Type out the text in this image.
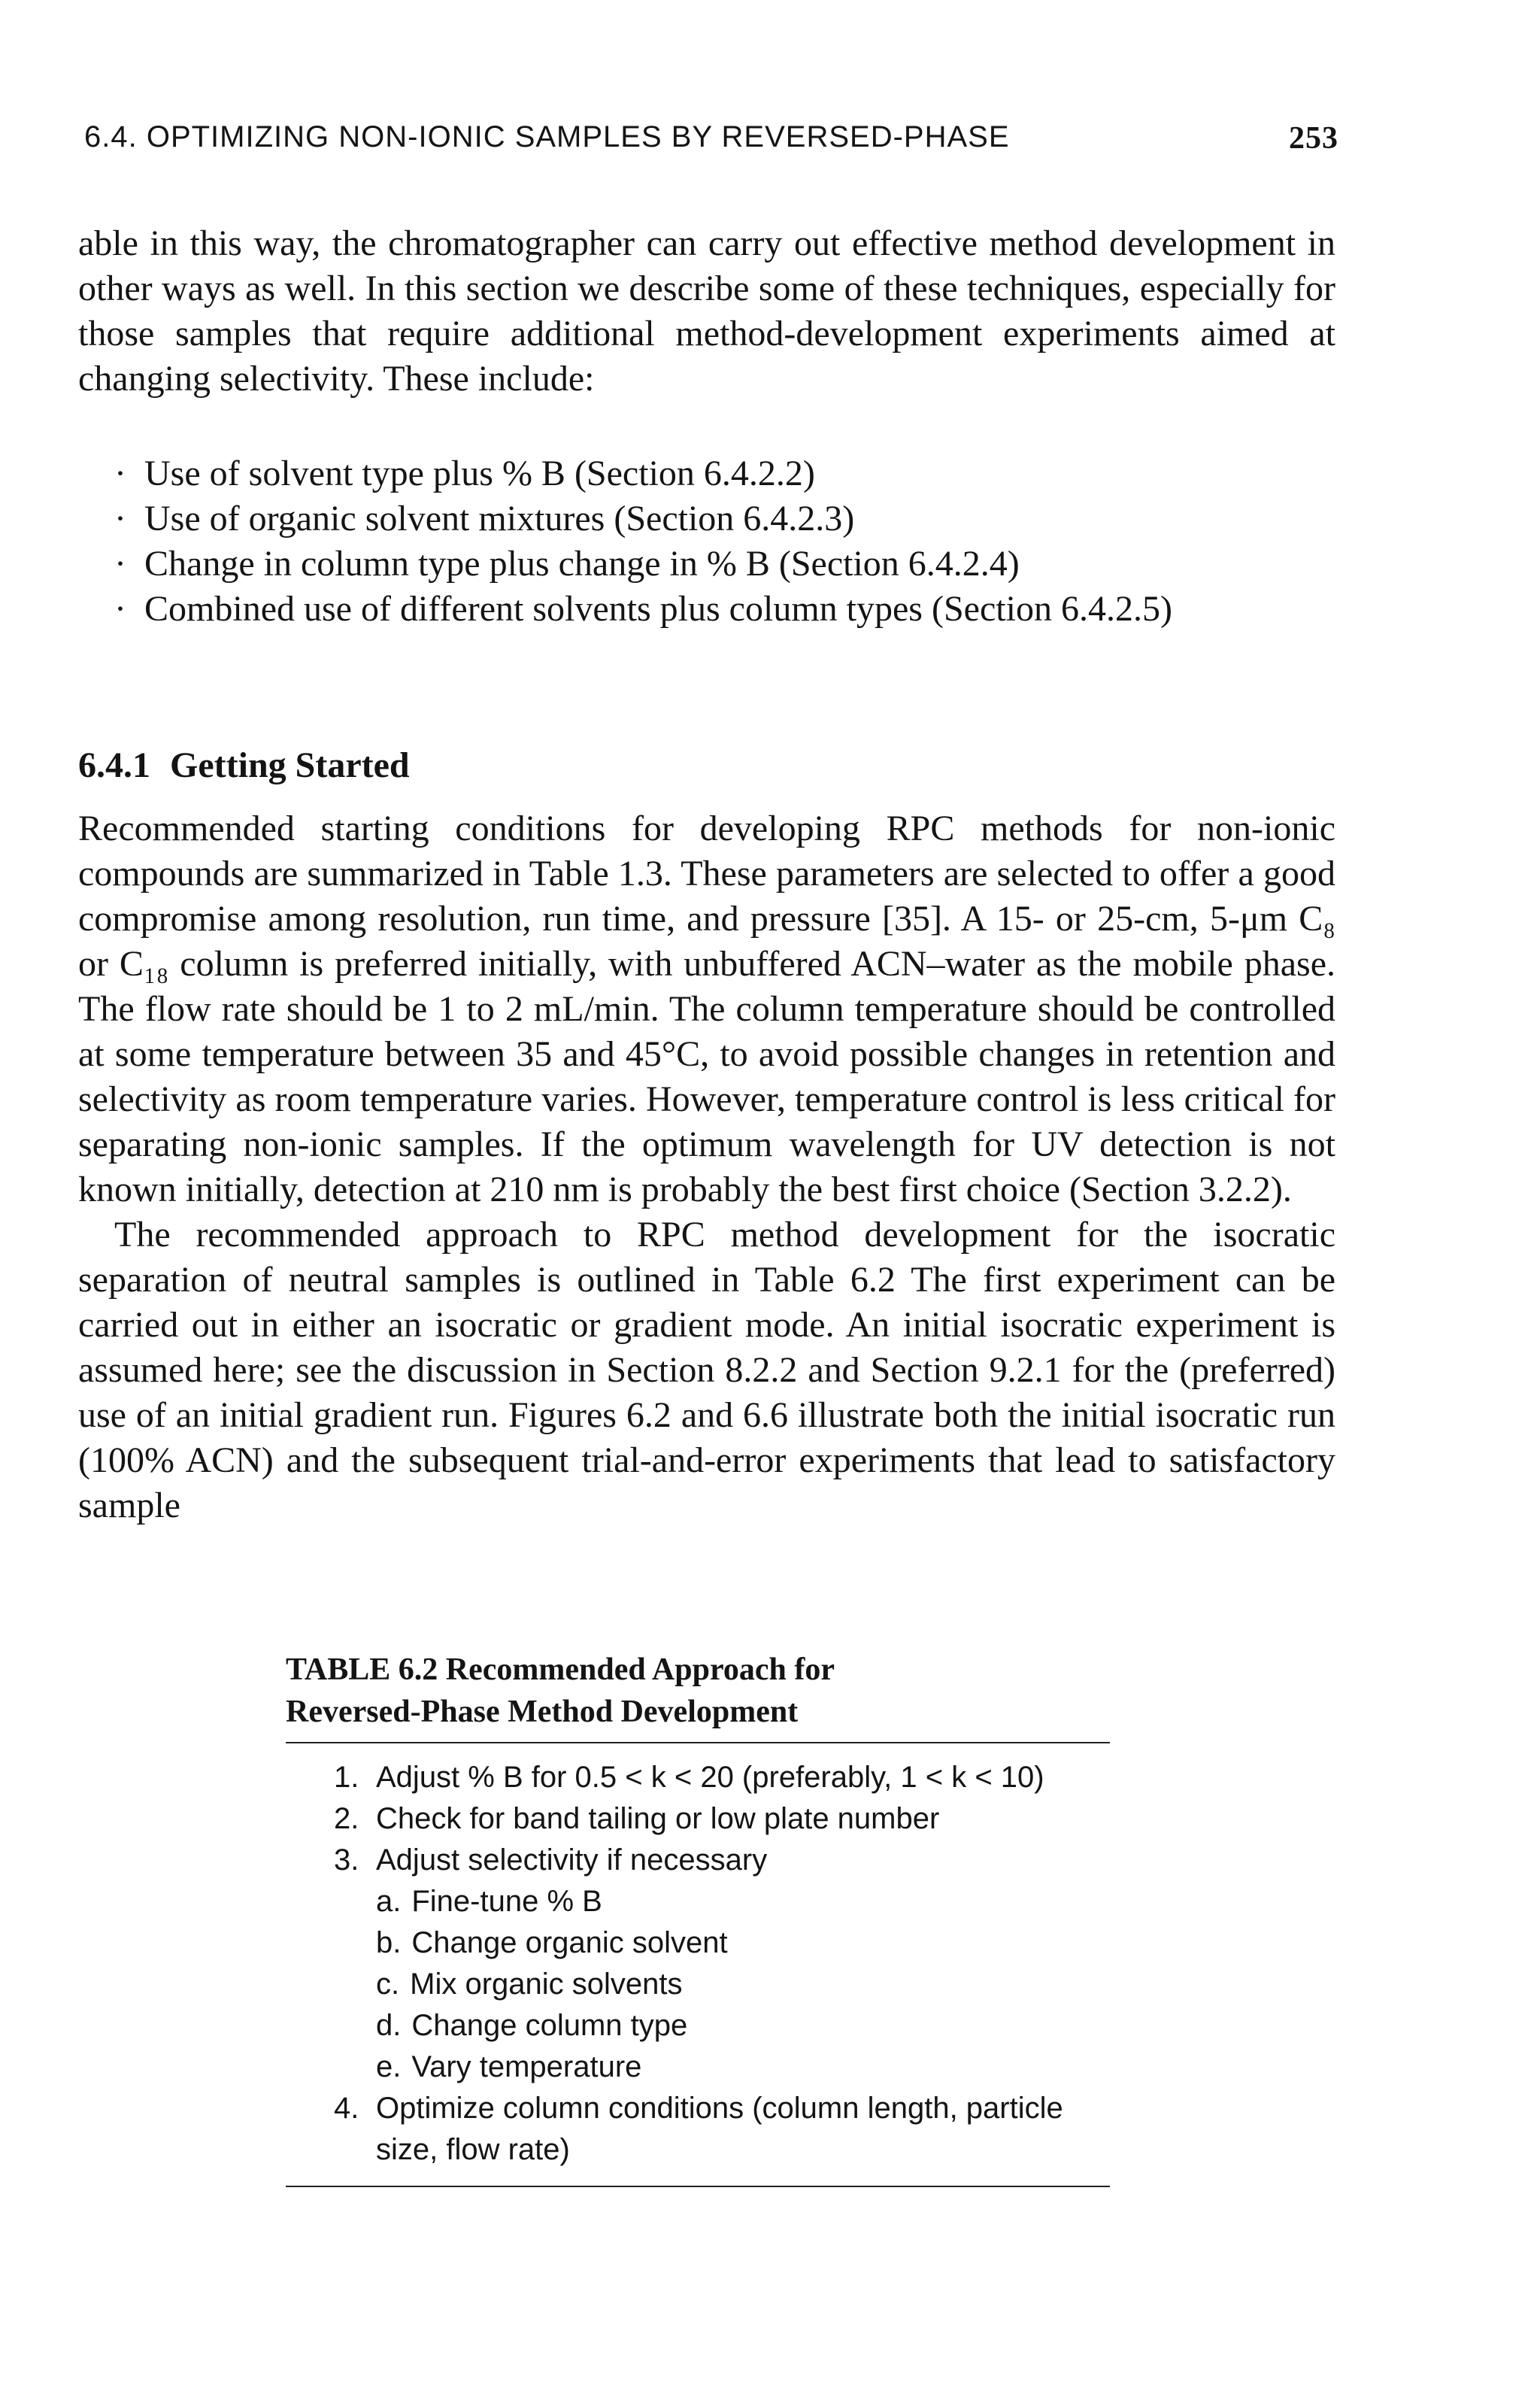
6.4. OPTIMIZING NON-IONIC SAMPLES BY REVERSED-PHASE	253

able in this way, the chromatographer can carry out effective method development in other ways as well. In this section we describe some of these techniques, especially for those samples that require additional method-development experiments aimed at changing selectivity. These include:

· Use of solvent type plus % B (Section 6.4.2.2)
· Use of organic solvent mixtures (Section 6.4.2.3)
· Change in column type plus change in % B (Section 6.4.2.4)
· Combined use of different solvents plus column types (Section 6.4.2.5)
6.4.1 Getting Started

Recommended starting conditions for developing RPC methods for non-ionic compounds are summarized in Table 1.3. These parameters are selected to offer a good compromise among resolution, run time, and pressure [35]. A 15- or 25-cm, 5-μm C₈ or C₁₈ column is preferred initially, with unbuffered ACN–water as the mobile phase. The flow rate should be 1 to 2 mL/min. The column temperature should be controlled at some temperature between 35 and 45°C, to avoid possible changes in retention and selectivity as room temperature varies. However, temperature control is less critical for separating non-ionic samples. If the optimum wavelength for UV detection is not known initially, detection at 210 nm is probably the best first choice (Section 3.2.2).

The recommended approach to RPC method development for the isocratic separation of neutral samples is outlined in Table 6.2 The first experiment can be carried out in either an isocratic or gradient mode. An initial isocratic experiment is assumed here; see the discussion in Section 8.2.2 and Section 9.2.1 for the (preferred) use of an initial gradient run. Figures 6.2 and 6.6 illustrate both the initial isocratic run (100% ACN) and the subsequent trial-and-error experiments that lead to satisfactory sample

TABLE 6.2 Recommended Approach for
Reversed-Phase Method Development

1. Adjust % B for 0.5 < k < 20 (preferably, 1 < k < 10)
2. Check for band tailing or low plate number
3. Adjust selectivity if necessary
a. Fine-tune % B
b. Change organic solvent
c. Mix organic solvents
d. Change column type
e. Vary temperature
4. Optimize column conditions (column length, particle size, flow rate)
